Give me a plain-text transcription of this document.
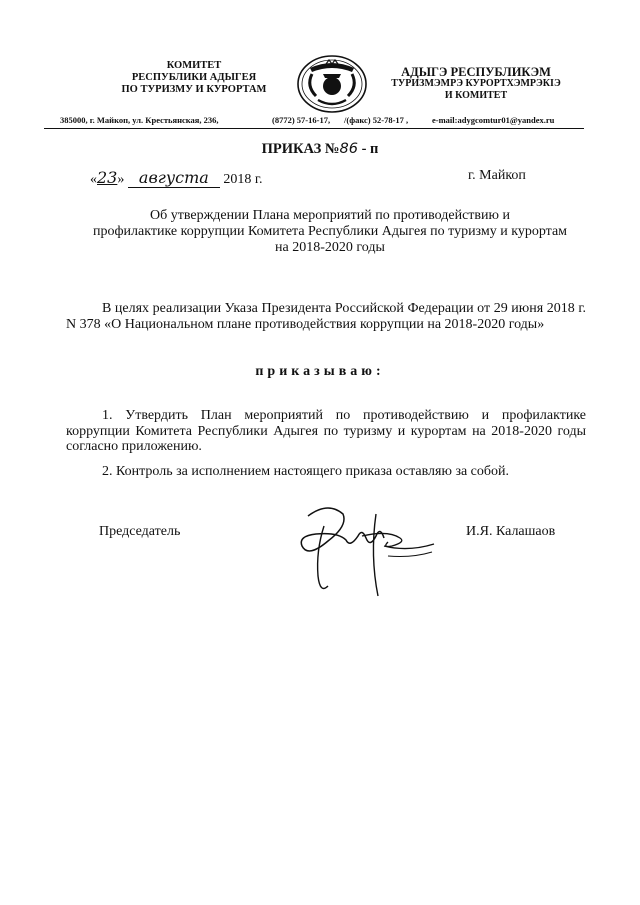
КОМИТЕТ
РЕСПУБЛИКИ АДЫГЕЯ
ПО ТУРИЗМУ И КУРОРТАМ
АДЫГЭ РЕСПУБЛИКЭМ
ТУРИЗМЭМРЭ КУРОРТХЭМРЭКIЭ
И КОМИТЕТ
385000, г. Майкоп, ул. Крестьянская, 236,	(8772) 57-16-17, /(факс) 52-78-17 ,	e-mail:adygcomtur01@yandex.ru
ПРИКАЗ №86 - п
«23» августа 2018 г.	г. Майкоп
Об утверждении Плана мероприятий по противодействию и
профилактике коррупции Комитета Республики Адыгея по туризму и курортам
на 2018-2020 годы
В целях реализации Указа Президента Российской Федерации от 29 июня 2018 г. N 378 «О Национальном плане противодействия коррупции на 2018-2020 годы»
приказываю:
1. Утвердить План мероприятий по противодействию и профилактике коррупции Комитета Республики Адыгея по туризму и курортам на 2018-2020 годы согласно приложению.
2. Контроль за исполнением настоящего приказа оставляю за собой.
Председатель	И.Я. Калашаов
